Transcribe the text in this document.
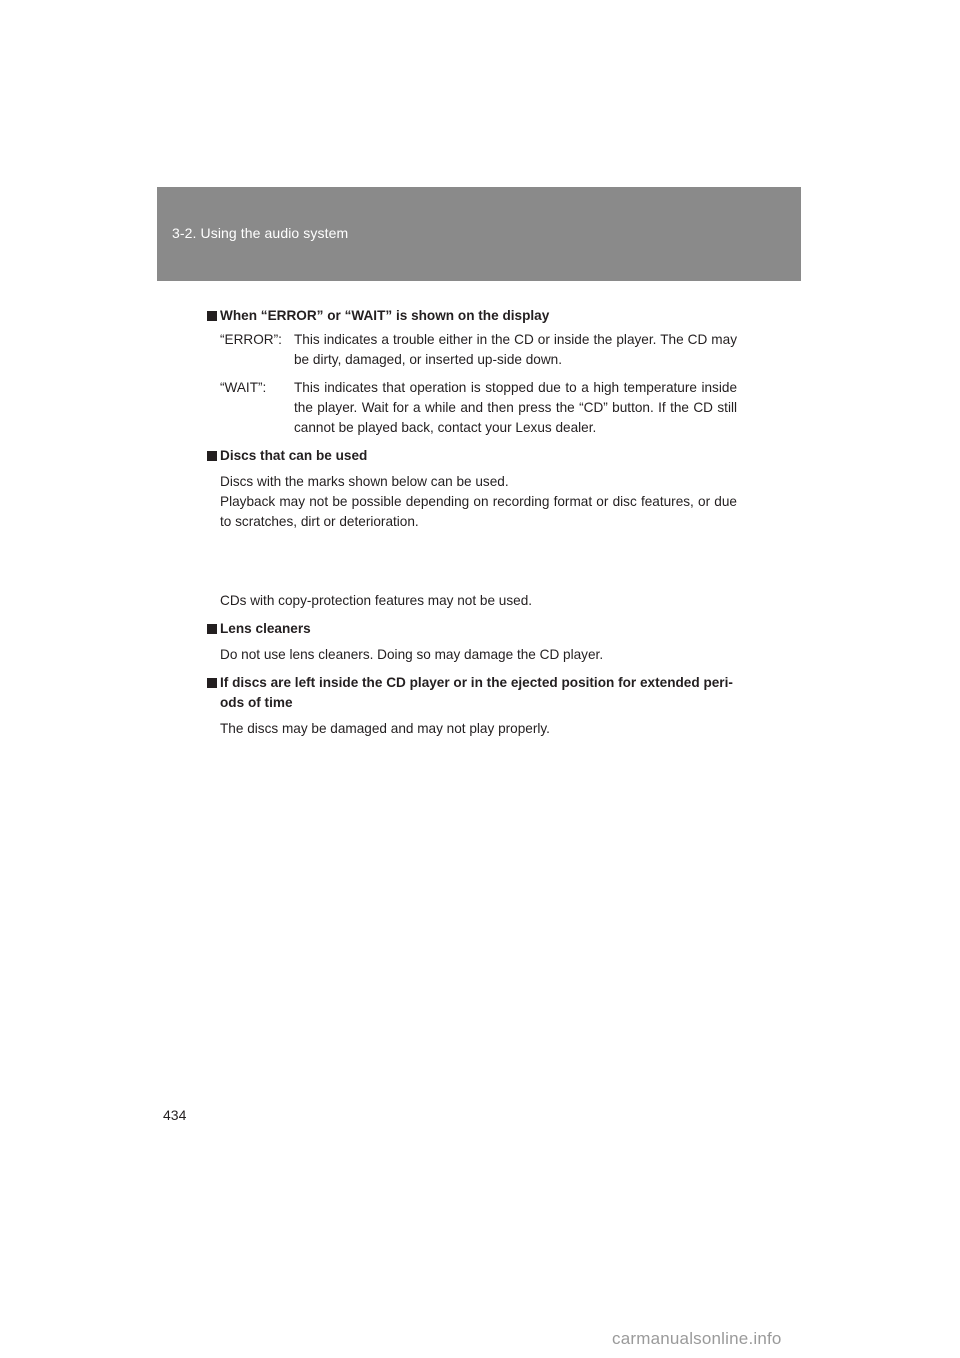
3-2. Using the audio system
When “ERROR” or “WAIT” is shown on the display
“ERROR”: This indicates a trouble either in the CD or inside the player. The CD may be dirty, damaged, or inserted up-side down.
“WAIT”:	This indicates that operation is stopped due to a high temperature inside the player. Wait for a while and then press the “CD” button. If the CD still cannot be played back, contact your Lexus dealer.
Discs that can be used
Discs with the marks shown below can be used.
Playback may not be possible depending on recording format or disc features, or due to scratches, dirt or deterioration.
CDs with copy-protection features may not be used.
Lens cleaners
Do not use lens cleaners. Doing so may damage the CD player.
If discs are left inside the CD player or in the ejected position for extended peri-ods of time
The discs may be damaged and may not play properly.
434
carmanualsonline.info
